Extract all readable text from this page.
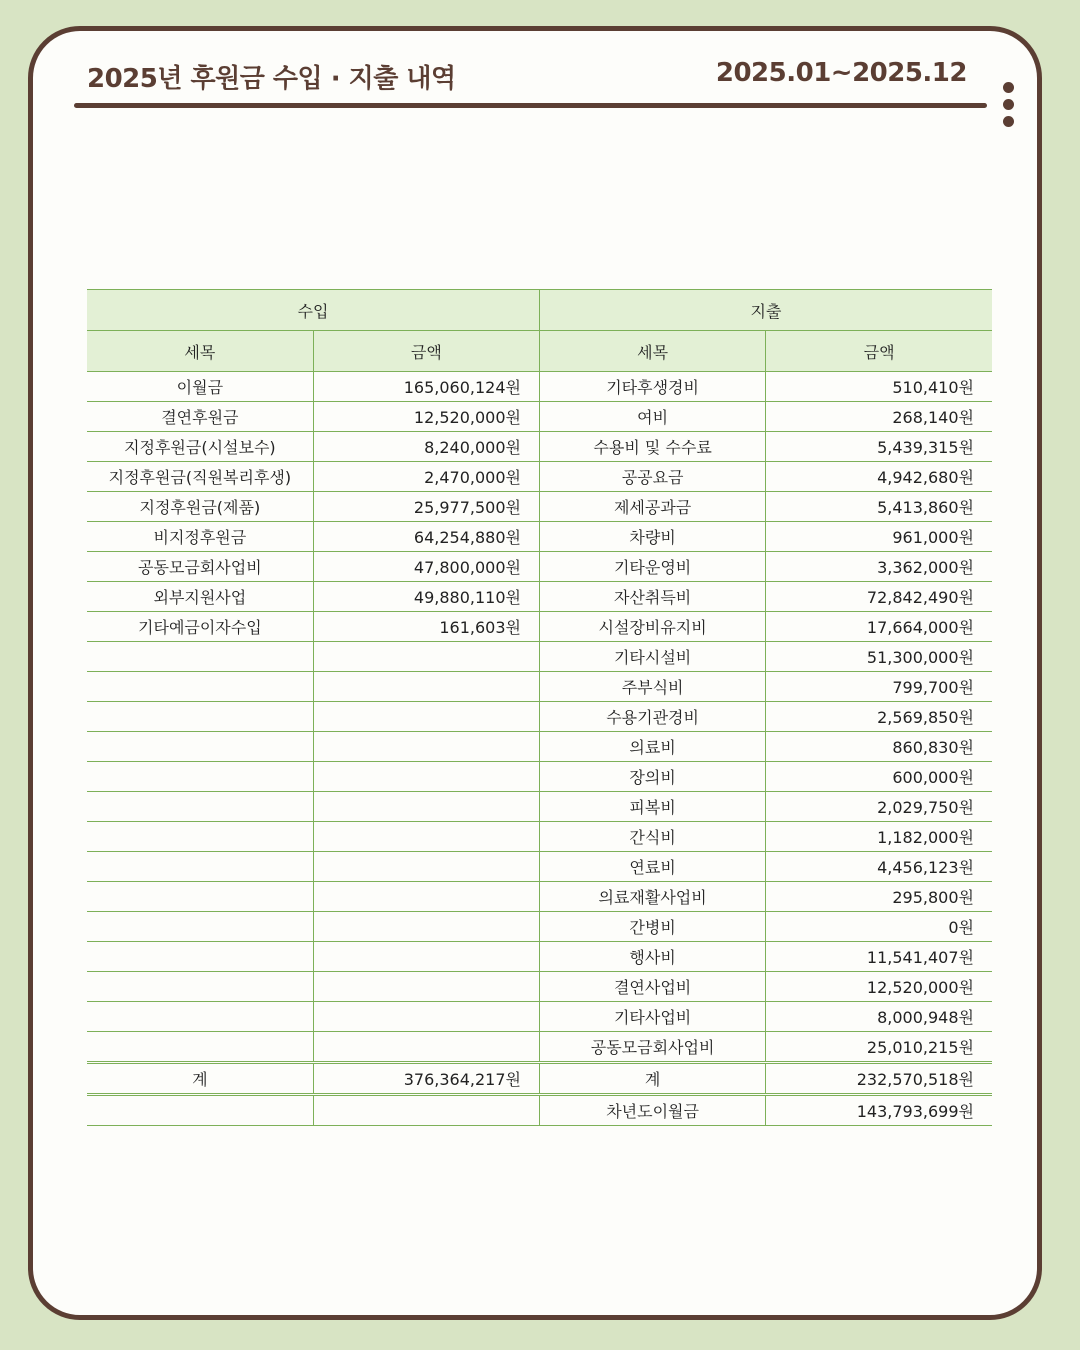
2025년 후원금 수입 · 지출 내역	2025.01~2025.12
수입		지출	
세목	금액	세목	금액
이월금	165,060,124원	기타후생경비	510,410원
결연후원금	12,520,000원	여비	268,140원
지정후원금(시설보수)	8,240,000원	수용비 및 수수료	5,439,315원
지정후원금(직원복리후생)	2,470,000원	공공요금	4,942,680원
지정후원금(제품)	25,977,500원	제세공과금	5,413,860원
비지정후원금	64,254,880원	차량비	961,000원
공동모금회사업비	47,800,000원	기타운영비	3,362,000원
외부지원사업	49,880,110원	자산취득비	72,842,490원
기타예금이자수입	161,603원	시설장비유지비	17,664,000원
		기타시설비	51,300,000원
		주부식비	799,700원
		수용기관경비	2,569,850원
		의료비	860,830원
		장의비	600,000원
		피복비	2,029,750원
		간식비	1,182,000원
		연료비	4,456,123원
		의료재활사업비	295,800원
		간병비	0원
		행사비	11,541,407원
		결연사업비	12,520,000원
		기타사업비	8,000,948원
		공동모금회사업비	25,010,215원
계	376,364,217원	계	232,570,518원
		차년도이월금	143,793,699원
